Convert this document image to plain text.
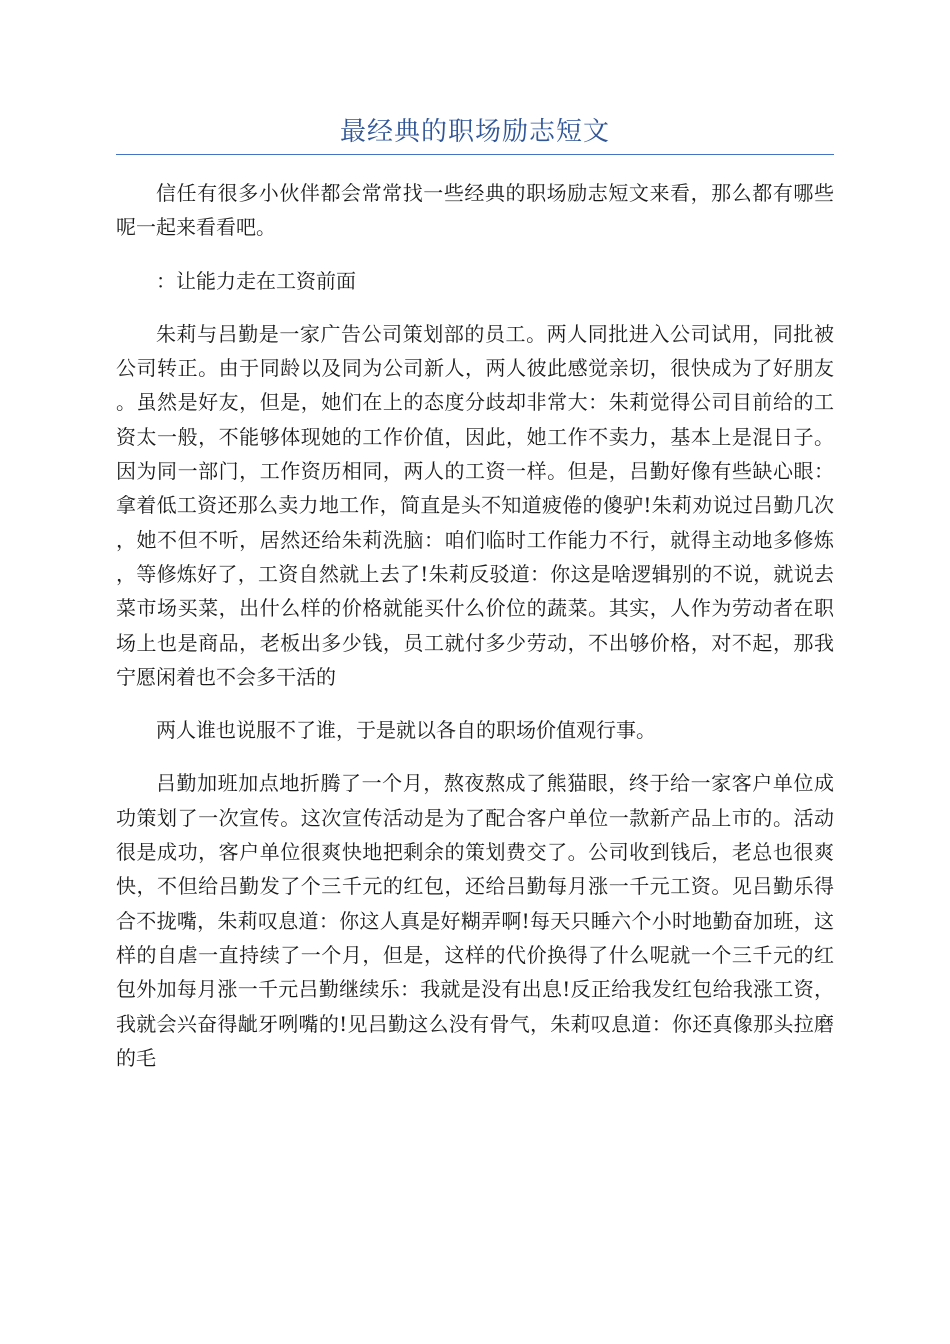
最经典的职场励志短文

信任有很多小伙伴都会常常找一些经典的职场励志短文来看，那么都有哪些呢一起来看看吧。

：让能力走在工资前面

朱莉与吕勤是一家广告公司策划部的员工。两人同批进入公司试用，同批被公司转正。由于同龄以及同为公司新人，两人彼此感觉亲切，很快成为了好朋友。虽然是好友，但是，她们在上的态度分歧却非常大：朱莉觉得公司目前给的工资太一般，不能够体现她的工作价值，因此，她工作不卖力，基本上是混日子。因为同一部门，工作资历相同，两人的工资一样。但是，吕勤好像有些缺心眼：拿着低工资还那么卖力地工作，简直是头不知道疲倦的傻驴!朱莉劝说过吕勤几次，她不但不听，居然还给朱莉洗脑：咱们临时工作能力不行，就得主动地多修炼，等修炼好了，工资自然就上去了!朱莉反驳道：你这是啥逻辑别的不说，就说去菜市场买菜，出什么样的价格就能买什么价位的蔬菜。其实，人作为劳动者在职场上也是商品，老板出多少钱，员工就付多少劳动，不出够价格，对不起，那我宁愿闲着也不会多干活的

两人谁也说服不了谁，于是就以各自的职场价值观行事。

吕勤加班加点地折腾了一个月，熬夜熬成了熊猫眼，终于给一家客户单位成功策划了一次宣传。这次宣传活动是为了配合客户单位一款新产品上市的。活动很是成功，客户单位很爽快地把剩余的策划费交了。公司收到钱后，老总也很爽快，不但给吕勤发了个三千元的红包，还给吕勤每月涨一千元工资。见吕勤乐得合不拢嘴，朱莉叹息道：你这人真是好糊弄啊!每天只睡六个小时地勤奋加班，这样的自虐一直持续了一个月，但是，这样的代价换得了什么呢就一个三千元的红包外加每月涨一千元吕勤继续乐：我就是没有出息!反正给我发红包给我涨工资，我就会兴奋得龇牙咧嘴的!见吕勤这么没有骨气，朱莉叹息道：你还真像那头拉磨的毛
